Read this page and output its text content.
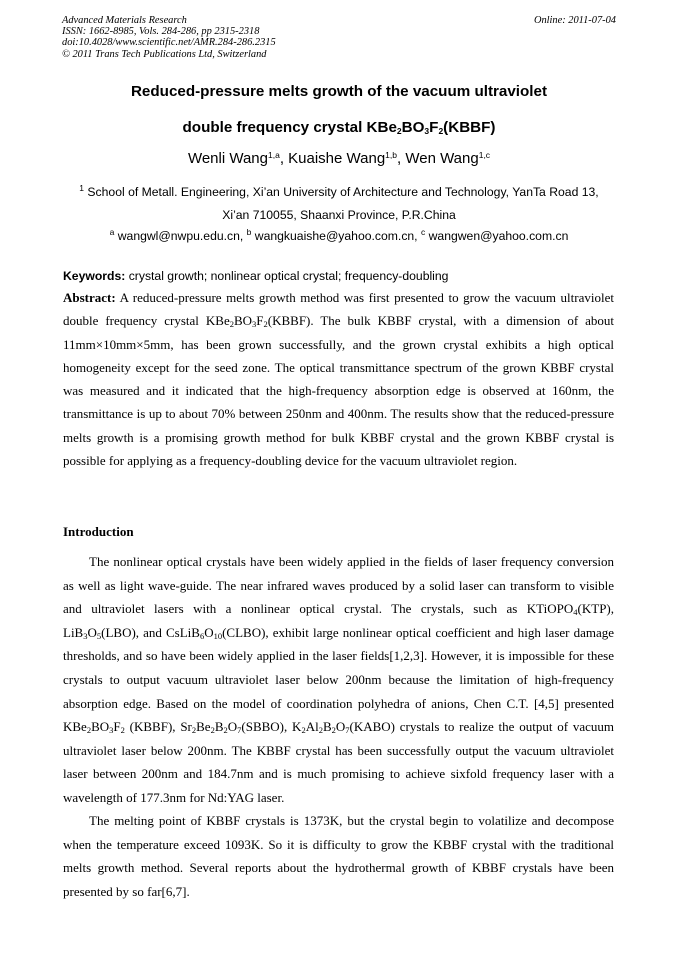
Advanced Materials Research
ISSN: 1662-8985, Vols. 284-286, pp 2315-2318
doi:10.4028/www.scientific.net/AMR.284-286.2315
© 2011 Trans Tech Publications Ltd, Switzerland
Online: 2011-07-04
Reduced-pressure melts growth of the vacuum ultraviolet
double frequency crystal $KBe_2BO_3F_2(KBBF)$
Wenli Wang$^{1,a}$, Kuaishe Wang$^{1,b}$, Wen Wang$^{1,c}$
$^1$ School of Metall. Engineering, Xi’an University of Architecture and Technology, YanTa Road 13,
Xi’an 710055, Shaanxi Province, P.R.China
$^a$ wangwl@nwpu.edu.cn, $^b$ wangkuaishe@yahoo.com.cn, $^c$ wangwen@yahoo.com.cn
Keywords: crystal growth; nonlinear optical crystal; frequency-doubling
Abstract: A reduced-pressure melts growth method was first presented to grow the vacuum ultraviolet double frequency crystal $KBe_2BO_3F_2(KBBF)$. The bulk KBBF crystal, with a dimension of about 11mm×10mm×5mm, has been grown successfully, and the grown crystal exhibits a high optical homogeneity except for the seed zone. The optical transmittance spectrum of the grown KBBF crystal was measured and it indicated that the high-frequency absorption edge is observed at 160nm, the transmittance is up to about 70% between 250nm and 400nm. The results show that the reduced-pressure melts growth is a promising growth method for bulk KBBF crystal and the grown KBBF crystal is possible for applying as a frequency-doubling device for the vacuum ultraviolet region.
Introduction
The nonlinear optical crystals have been widely applied in the fields of laser frequency conversion as well as light wave-guide. The near infrared waves produced by a solid laser can transform to visible and ultraviolet lasers with a nonlinear optical crystal. The crystals, such as KTiOPO$_4$(KTP), $LiB_3O_5(LBO)$, and $CsLiB_6O_{10}(CLBO)$, exhibit large nonlinear optical coefficient and high laser damage thresholds, and so have been widely applied in the laser fields[1,2,3]. However, it is impossible for these crystals to output vacuum ultraviolet laser below 200nm because the limitation of high-frequency absorption edge. Based on the model of coordination polyhedra of anions, Chen C.T. [4,5] presented $KBe_2BO_3F_2$ (KBBF), $Sr_2Be_2B_2O_7(SBBO)$, $K_2Al_2B_2O_7(KABO)$ crystals to realize the output of vacuum ultraviolet laser below 200nm. The KBBF crystal has been successfully output the vacuum ultraviolet laser between 200nm and 184.7nm and is much promising to achieve sixfold frequency laser with a wavelength of 177.3nm for Nd:YAG laser.
The melting point of KBBF crystals is 1373K, but the crystal begin to volatilize and decompose when the temperature exceed 1093K. So it is difficulty to grow the KBBF crystal with the traditional melts growth method. Several reports about the hydrothermal growth of KBBF crystals have been presented by so far[6,7].
